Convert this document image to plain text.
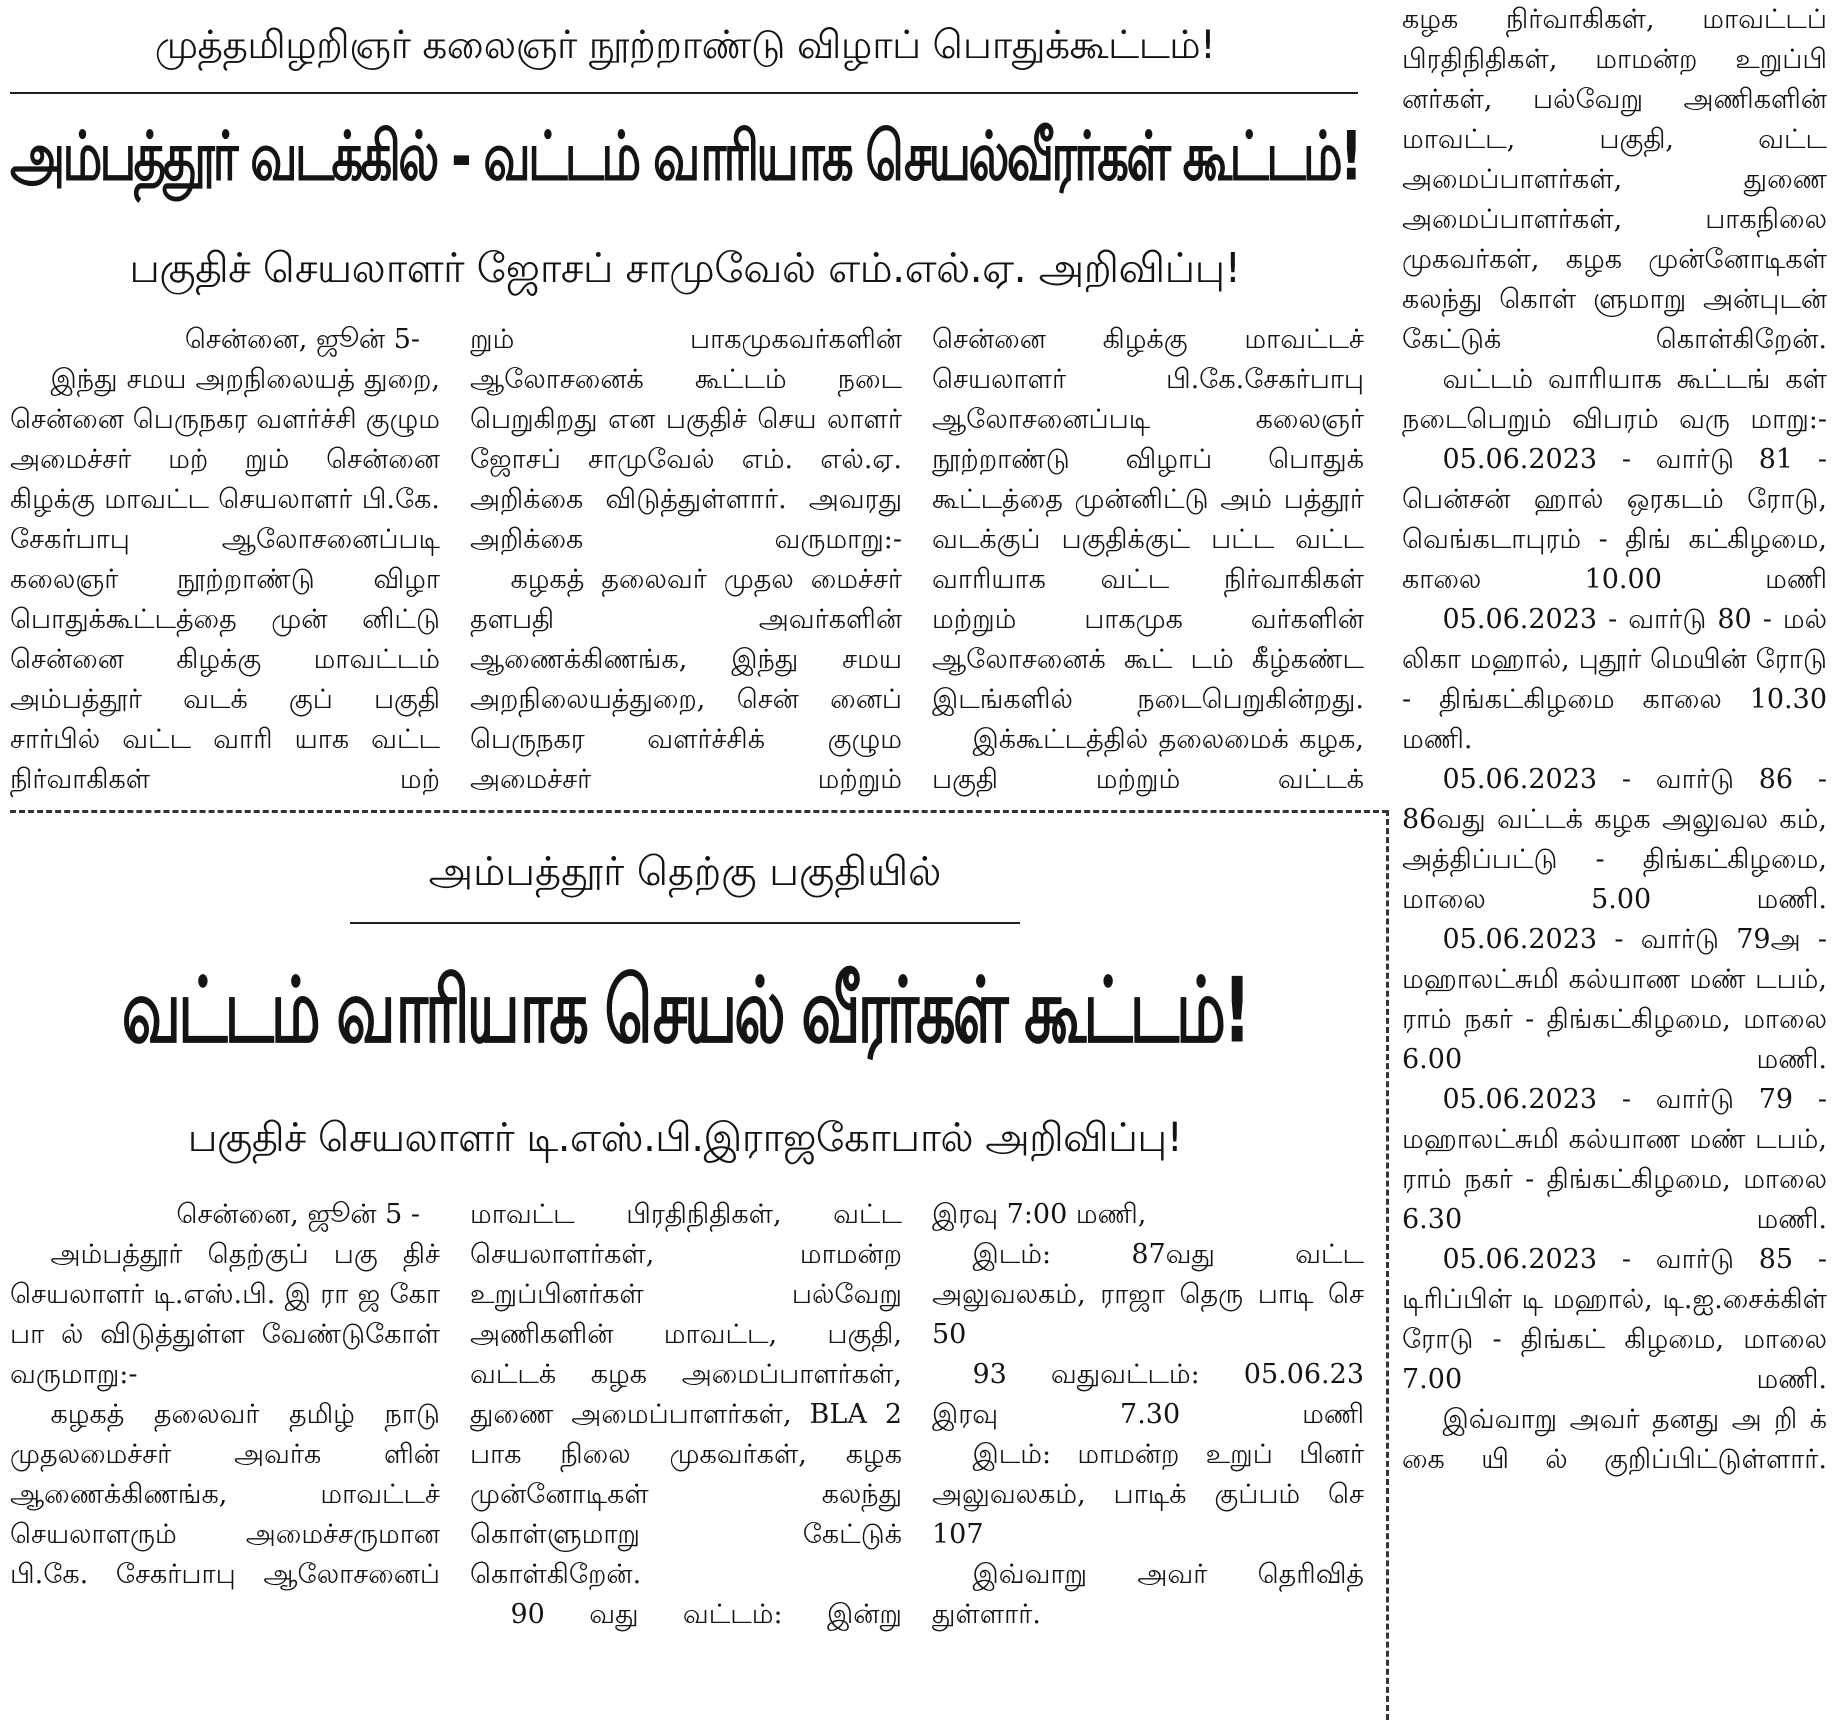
முத்தமிழறிஞர் கலைஞர் நூற்றாண்டு விழாப் பொதுக்கூட்டம்!
அம்பத்தூர் வடக்கில் - வட்டம் வாரியாக செயல்வீரர்கள் கூட்டம்!
பகுதிச் செயலாளர் ஜோசப் சாமுவேல் எம்.எல்.ஏ. அறிவிப்பு!

சென்னை, ஜூன் 5-

இந்து சமய அறநிலையத் துறை, சென்னை பெருநகர வளர்ச்சி குழும அமைச்சர் மற் றும் சென்னை கிழக்கு மாவட்ட செயலாளர் பி.கே. சேகர்பாபு ஆலோசனைப்படி கலைஞர் நூற்றாண்டு விழா பொதுக்கூட்டத்தை முன் னிட்டு சென்னை கிழக்கு மாவட்டம் அம்பத்தூர் வடக் குப் பகுதி சார்பில் வட்ட வாரி யாக வட்ட நிர்வாகிகள் மற்

றும் பாகமுகவர்களின் ஆலோசனைக் கூட்டம் நடை பெறுகிறது என பகுதிச் செய லாளர் ஜோசப் சாமுவேல் எம். எல்.ஏ. அறிக்கை விடுத்துள்ளார். அவரது அறிக்கை வருமாறு:-

கழகத் தலைவர் முதல மைச்சர் தளபதி அவர்களின் ஆணைக்கிணங்க, இந்து சமய அறநிலையத்துறை, சென் னைப் பெருநகர வளர்ச்சிக் குழும அமைச்சர் மற்றும்

சென்னை கிழக்கு மாவட்டச் செயலாளர் பி.கே.சேகர்பாபு ஆலோசனைப்படி கலைஞர் நூற்றாண்டு விழாப் பொதுக் கூட்டத்தை முன்னிட்டு அம் பத்தூர் வடக்குப் பகுதிக்குட் பட்ட வட்ட வாரியாக வட்ட நிர்வாகிகள் மற்றும் பாகமுக வர்களின் ஆலோசனைக் கூட் டம் கீழ்கண்ட இடங்களில் நடைபெறுகின்றது.

இக்கூட்டத்தில் தலைமைக் கழக, பகுதி மற்றும் வட்டக்

கழக நிர்வாகிகள், மாவட்டப் பிரதிநிதிகள், மாமன்ற உறுப்பி னர்கள், பல்வேறு அணிகளின் மாவட்ட, பகுதி, வட்ட அமைப்பாளர்கள், துணை அமைப்பாளர்கள், பாகநிலை முகவர்கள், கழக முன்னோடிகள் கலந்து கொள் ளுமாறு அன்புடன் கேட்டுக் கொள்கிறேன்.

வட்டம் வாரியாக கூட்டங் கள் நடைபெறும் விபரம் வரு மாறு:-

05.06.2023 - வார்டு 81 - பென்சன் ஹால் ஒரகடம் ரோடு, வெங்கடாபுரம் - திங் கட்கிழமை, காலை 10.00 மணி

05.06.2023 - வார்டு 80 - மல் லிகா மஹால், புதூர் மெயின் ரோடு - திங்கட்கிழமை காலை 10.30 மணி.

05.06.2023 - வார்டு 86 - 86வது வட்டக் கழக அலுவல கம், அத்திப்பட்டு - திங்கட்கிழமை, மாலை 5.00 மணி.

05.06.2023 - வார்டு 79அ - மஹாலட்சுமி கல்யாண மண் டபம், ராம் நகர் - திங்கட்கிழமை, மாலை 6.00 மணி.

05.06.2023 - வார்டு 79 - மஹாலட்சுமி கல்யாண மண் டபம், ராம் நகர் - திங்கட்கிழமை, மாலை 6.30 மணி.

05.06.2023 - வார்டு 85 - டிரிப்பிள் டி மஹால், டி.ஐ.சைக்கிள் ரோடு - திங்கட் கிழமை, மாலை 7.00 மணி.

இவ்வாறு அவர் தனது அ றி க் கை யி ல் குறிப்பிட்டுள்ளார்.

அம்பத்தூர் தெற்கு பகுதியில்
வட்டம் வாரியாக செயல் வீரர்கள் கூட்டம்!
பகுதிச் செயலாளர் டி.எஸ்.பி.இராஜகோபால் அறிவிப்பு!

சென்னை, ஜூன் 5 -

அம்பத்தூர் தெற்குப் பகு திச் செயலாளர் டி.எஸ்.பி. இ ரா ஜ கோ பா ல் விடுத்துள்ள வேண்டுகோள் வருமாறு:-

கழகத் தலைவர் தமிழ் நாடு முதலமைச்சர் அவர்க ளின் ஆணைக்கிணங்க, மாவட்டச் செயலாளரும் அமைச்சருமான பி.கே. சேகர்பாபு ஆலோசனைப்

மாவட்ட பிரதிநிதிகள், வட்ட செயலாளர்கள், மாமன்ற உறுப்பினர்கள் பல்வேறு அணிகளின் மாவட்ட, பகுதி, வட்டக் கழக அமைப்பாளர்கள், துணை அமைப்பாளர்கள், BLA 2 பாக நிலை முகவர்கள், கழக முன்னோடிகள் கலந்து கொள்ளுமாறு கேட்டுக் கொள்கிறேன்.

90 வது வட்டம்: இன்று

இரவு 7:00 மணி,

இடம்: 87வது வட்ட அலுவலகம், ராஜா தெரு பாடி செ 50

93 வதுவட்டம்: 05.06.23 இரவு 7.30 மணி

இடம்: மாமன்ற உறுப் பினர் அலுவலகம், பாடிக் குப்பம் செ 107

இவ்வாறு அவர் தெரிவித் துள்ளார்.
